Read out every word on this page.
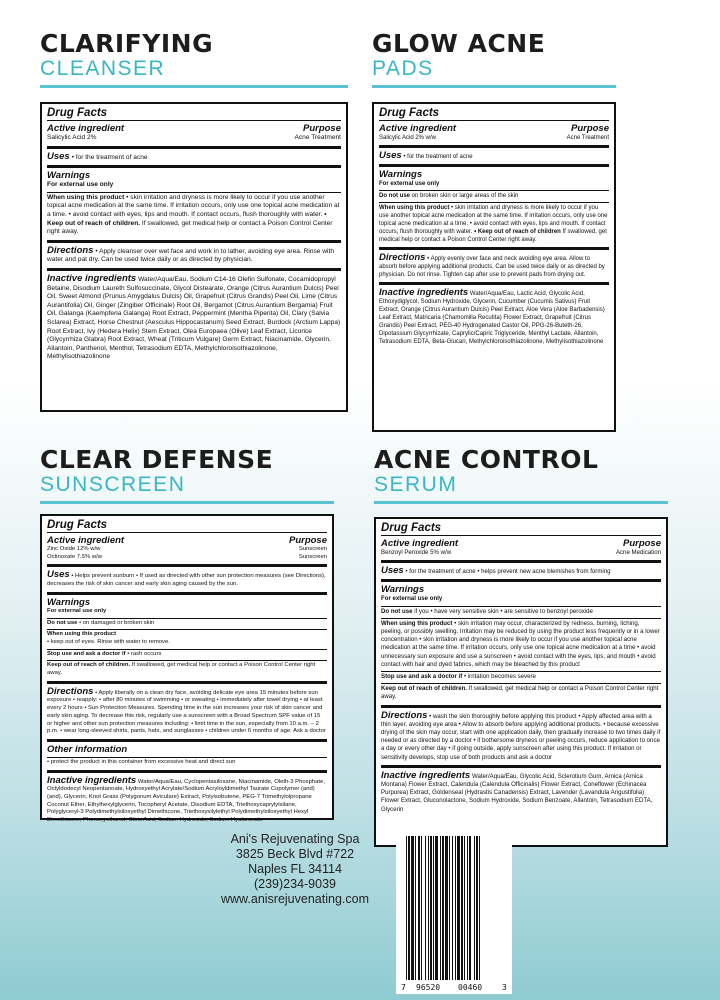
CLARIFYING
CLEANSER
Drug Facts
Active ingredient	Purpose
Salicylic Acid 2%	Acne Treatment
Uses • for the treatment of acne
Warnings
For external use only
When using this product • skin irritation and dryness is more likely to occur if you use another topical acne medication at the same time. If irritation occurs, only use one topical acne medication at a time. • avoid contact with eyes, lips and mouth. If contact occurs, flush thoroughly with water. • Keep out of reach of children. If swallowed, get medical help or contact a Poison Control Center right away.
Directions • Apply cleanser over wet face and work in to lather, avoiding eye area. Rinse with water and pat dry. Can be used twice daily or as directed by physician.
Inactive ingredients Water/Aqua/Eau, Sodium C14-16 Olefin Sulfonate, Cocamidopropyl Betaine, Disodium Laureth Sulfosuccinate, Glycol Distearate, Orange (Citrus Aurantium Dulcis) Peel Oil, Sweet Almond (Prunus Amygdalus Dulcis) Oil, Grapefruit (Citrus Grandis) Peel Oil, Lime (Citrus Aurantifolia) Oil, Ginger (Zingiber Officinale) Root Oil, Bergamot (Citrus Aurantium Bergamia) Fruit Oil, Galanga (Kaempferia Galanga) Root Extract, Peppermint (Mentha Piperita) Oil, Clary (Salvia Sclarea) Extract, Horse Chestnut (Aesculus Hippocastanum) Seed Extract, Burdock (Arctium Lappa) Root Extract, Ivy (Hedera Helix) Stem Extract, Olea Europaea (Olive) Leaf Extract, Licorice (Glycyrrhiza Glabra) Root Extract, Wheat (Triticum Vulgare) Germ Extract, Niacinamide, Glycerin, Allantoin, Panthenol, Menthol, Tetrasodium EDTA, Methylchloroisothiazolinone, Methylisothiazolinone
GLOW ACNE
PADS
Drug Facts
Active ingredient	Purpose
Salicylic Acid 2% w/w	Acne Treatment
Uses • for the treatment of acne
Warnings
For external use only
Do not use on broken skin or large areas of the skin
When using this product • skin irritation and dryness is more likely to occur if you use another topical acne medication at the same time. If irritation occurs, only use one topical acne medication at a time. • avoid contact with eyes, lips and mouth. If contact occurs, flush thoroughly with water. • Keep out of reach of children If swallowed, get medical help or contact a Poison Control Center right away.
Directions • Apply evenly over face and neck avoiding eye area. Allow to absorb before applying additional products. Can be used twice daily or as directed by physician. Do not rinse. Tighten cap after use to prevent pads from drying out.
Inactive ingredients Water/Aqua/Eau, Lactic Acid, Glycolic Acid, Ethoxydiglycol, Sodium Hydroxide, Glycerin, Cucumber (Cucumis Sativus) Fruit Extract, Orange (Citrus Aurantium Dulcis) Peel Extract, Aloe Vera (Aloe Barbadensis) Leaf Extract, Matricaria (Chamomilla Recutita) Flower Extract, Grapefruit (Citrus Grandis) Peel Extract, PEG-40 Hydrogenated Castor Oil, PPG-26-Buteth-26, Dipotassium Glycyrrhizate, Caprylic/Capric Triglyceride, Menthyl Lactate, Allantoin, Tetrasodium EDTA, Beta-Glucan, Methylchloroisothiazolinone, Methylisothiazolinone
CLEAR DEFENSE
SUNSCREEN
Drug Facts
Active ingredient	Purpose
Zinc Oxide 12% w/w	Sunscreen
Octinoxate 7.5% w/w	Sunscreen
Uses • Helps prevent sunburn • If used as directed with other sun protection measures (see Directions), decreases the risk of skin cancer and early skin aging caused by the sun.
Warnings
For external use only
Do not use • on damaged or broken skin
When using this product
• keep out of eyes. Rinse with water to remove.
Stop use and ask a doctor if • rash occurs
Keep out of reach of children. If swallowed, get medical help or contact a Poison Control Center right away.
Directions • Apply liberally on a clean dry face, avoiding delicate eye area 15 minutes before sun exposure • reapply: • after 80 minutes of swimming • or sweating • immediately after towel drying • at least every 2 hours • Sun Protection Measures. Spending time in the sun increases your risk of skin cancer and early skin aging. To decrease this risk, regularly use a sunscreen with a Broad Spectrum SPF value of 15 or higher and other sun protection measures including: • limit time in the sun, especially from 10 a.m. – 2 p.m. • wear long-sleeved shirts, pants, hats, and sunglasses • children under 6 months of age: Ask a doctor
Other information
• protect the product in this container from excessive heat and direct sun
Inactive ingredients Water/Aqua/Eau, Cyclopentasiloxane, Niacinamide, Oleth-3 Phosphate, Octyldodecyl Neopentanoate, Hydroxyethyl Acrylate/Sodium Acryloyldimethyl Taurate Copolymer (and) (and), Glycerin, Knot Grass (Polygonum Aviculare) Extract, Polyisobutene, PEG-7 Trimethylolpropane Coconut Ether, Ethylhexylglycerin, Tocopheryl Acetate, Disodium EDTA, Triethoxycaprylylsilane, Polyglyceryl-3 Polydimethylsiloxyethyl Dimethicone, Triethoxysilylethyl Polydimethylsiloxyethyl Hexyl Dimethicone, Phenoxyethanol, Citric Acid, Sodium Hydroxide, Sodium Hyaluronate
ACNE CONTROL
SERUM
Drug Facts
Active ingredient	Purpose
Benzoyl Peroxide 5% w/w	Acne Medication
Uses • for the treatment of acne • helps prevent new acne blemishes from forming
Warnings
For external use only
Do not use if you • have very sensitive skin • are sensitive to benzoyl peroxide
When using this product • skin irritation may occur, characterized by redness, burning, itching, peeling, or possibly swelling. Irritation may be reduced by using the product less frequently or in a lower concentration • skin irritation and dryness is more likely to occur if you use another topical acne medication at the same time. If irritation occurs, only use one topical acne medication at a time • avoid unnecessary sun exposure and use a sunscreen • avoid contact with the eyes, lips, and mouth • avoid contact with hair and dyed fabrics, which may be bleached by this product
Stop use and ask a doctor if • irritation becomes severe
Keep out of reach of children. If swallowed, get medical help or contact a Poison Control Center right away.
Directions • wash the skin thoroughly before applying this product • Apply affected area with a thin layer, avoiding eye area • Allow to absorb before applying additional products. • because excessive drying of the skin may occur, start with one application daily, then gradually increase to two times daily if needed or as directed by a doctor • if bothersome dryness or peeling occurs, reduce application to once a day or every other day • if going outside, apply sunscreen after using this product. If irritation or sensitivity develops, stop use of both products and ask a doctor
Inactive ingredients Water/Aqua/Eau, Glycolic Acid, Sclerotium Gum, Arnica (Arnica Montana) Flower Extract, Calendula (Calendula Officinalis) Flower Extract, Coneflower (Echinacea Purpurea) Extract, Goldenseal (Hydrastis Canadensis) Extract, Lavender (Lavandula Angustifolia) Flower Extract, Gluconolactone, Sodium Hydroxide, Sodium Benzoate, Allantoin, Tetrasodium EDTA, Glycerin
Ani's Rejuvenating Spa
3825 Beck Blvd #722
Naples FL 34114
(239)234-9039
www.anisrejuvenating.com
7 96520 00460 3
